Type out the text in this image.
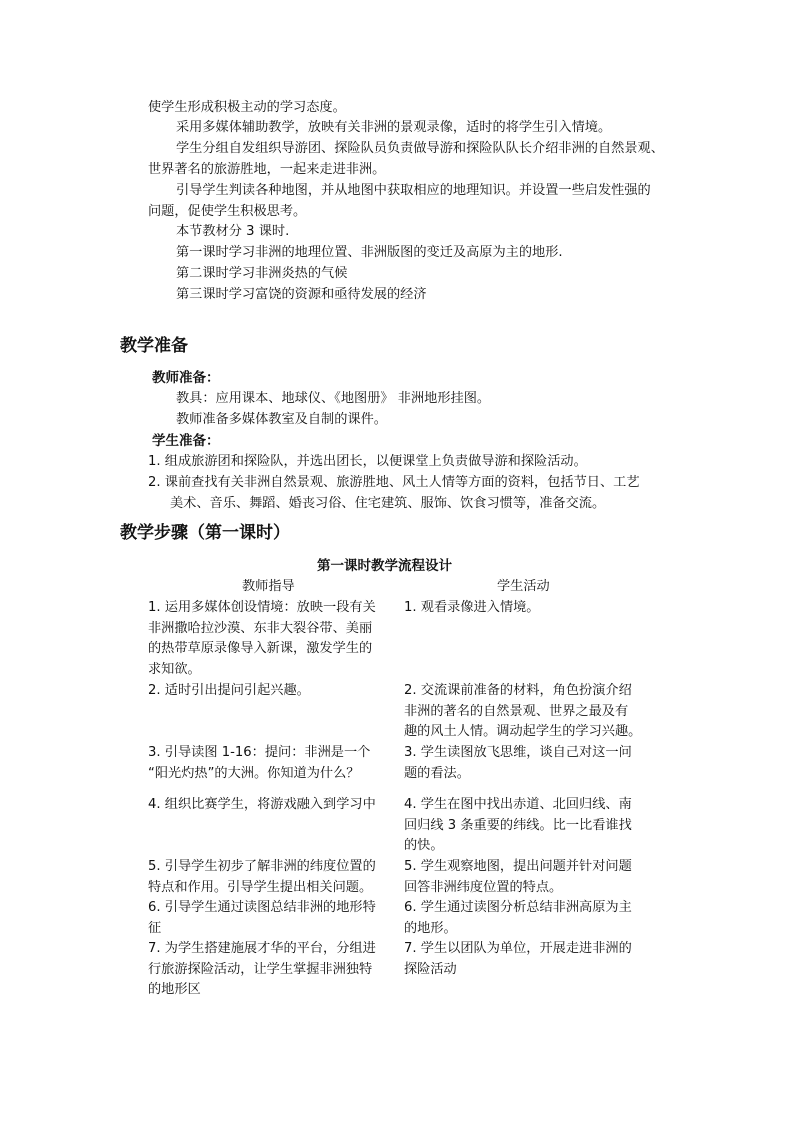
使学生形成积极主动的学习态度。
采用多媒体辅助教学，放映有关非洲的景观录像，适时的将学生引入情境。
学生分组自发组织导游团、探险队员负责做导游和探险队队长介绍非洲的自然景观、
世界著名的旅游胜地，一起来走进非洲。
引导学生判读各种地图，并从地图中获取相应的地理知识。并设置一些启发性强的
问题，促使学生积极思考。
本节教材分 3 课时.
第一课时学习非洲的地理位置、非洲版图的变迁及高原为主的地形.
第二课时学习非洲炎热的气候
第三课时学习富饶的资源和亟待发展的经济
教学准备
教师准备：
教具：应用课本、地球仪、《地图册》 非洲地形挂图。
教师准备多媒体教室及自制的课件。
学生准备：
1. 组成旅游团和探险队，并选出团长，以便课堂上负责做导游和探险活动。
2. 课前查找有关非洲自然景观、旅游胜地、风土人情等方面的资料，包括节日、工艺
美术、音乐、舞蹈、婚丧习俗、住宅建筑、服饰、饮食习惯等，准备交流。
教学步骤（第一课时）
第一课时教学流程设计
教师指导	学生活动
1. 运用多媒体创设情境：放映一段有关
非洲撒哈拉沙漠、东非大裂谷带、美丽
的热带草原录像导入新课，激发学生的
求知欲。
1. 观看录像进入情境。
2. 适时引出提问引起兴趣。	2. 交流课前准备的材料，角色扮演介绍
非洲的著名的自然景观、世界之最及有
趣的风土人情。调动起学生的学习兴趣。
3. 引导读图 1-16：提问：非洲是一个
“阳光灼热”的大洲。你知道为什么？
3. 学生读图放飞思维，谈自己对这一问
题的看法。
4. 组织比赛学生，将游戏融入到学习中 4. 学生在图中找出赤道、北回归线、南
回归线 3 条重要的纬线。比一比看谁找
的快。
5. 引导学生初步了解非洲的纬度位置的
特点和作用。引导学生提出相关问题。
5. 学生观察地图，提出问题并针对问题
回答非洲纬度位置的特点。
6. 引导学生通过读图总结非洲的地形特
征
6. 学生通过读图分析总结非洲高原为主
的地形。
7. 为学生搭建施展才华的平台，分组进
行旅游探险活动，让学生掌握非洲独特
的地形区
7. 学生以团队为单位，开展走进非洲的
探险活动
